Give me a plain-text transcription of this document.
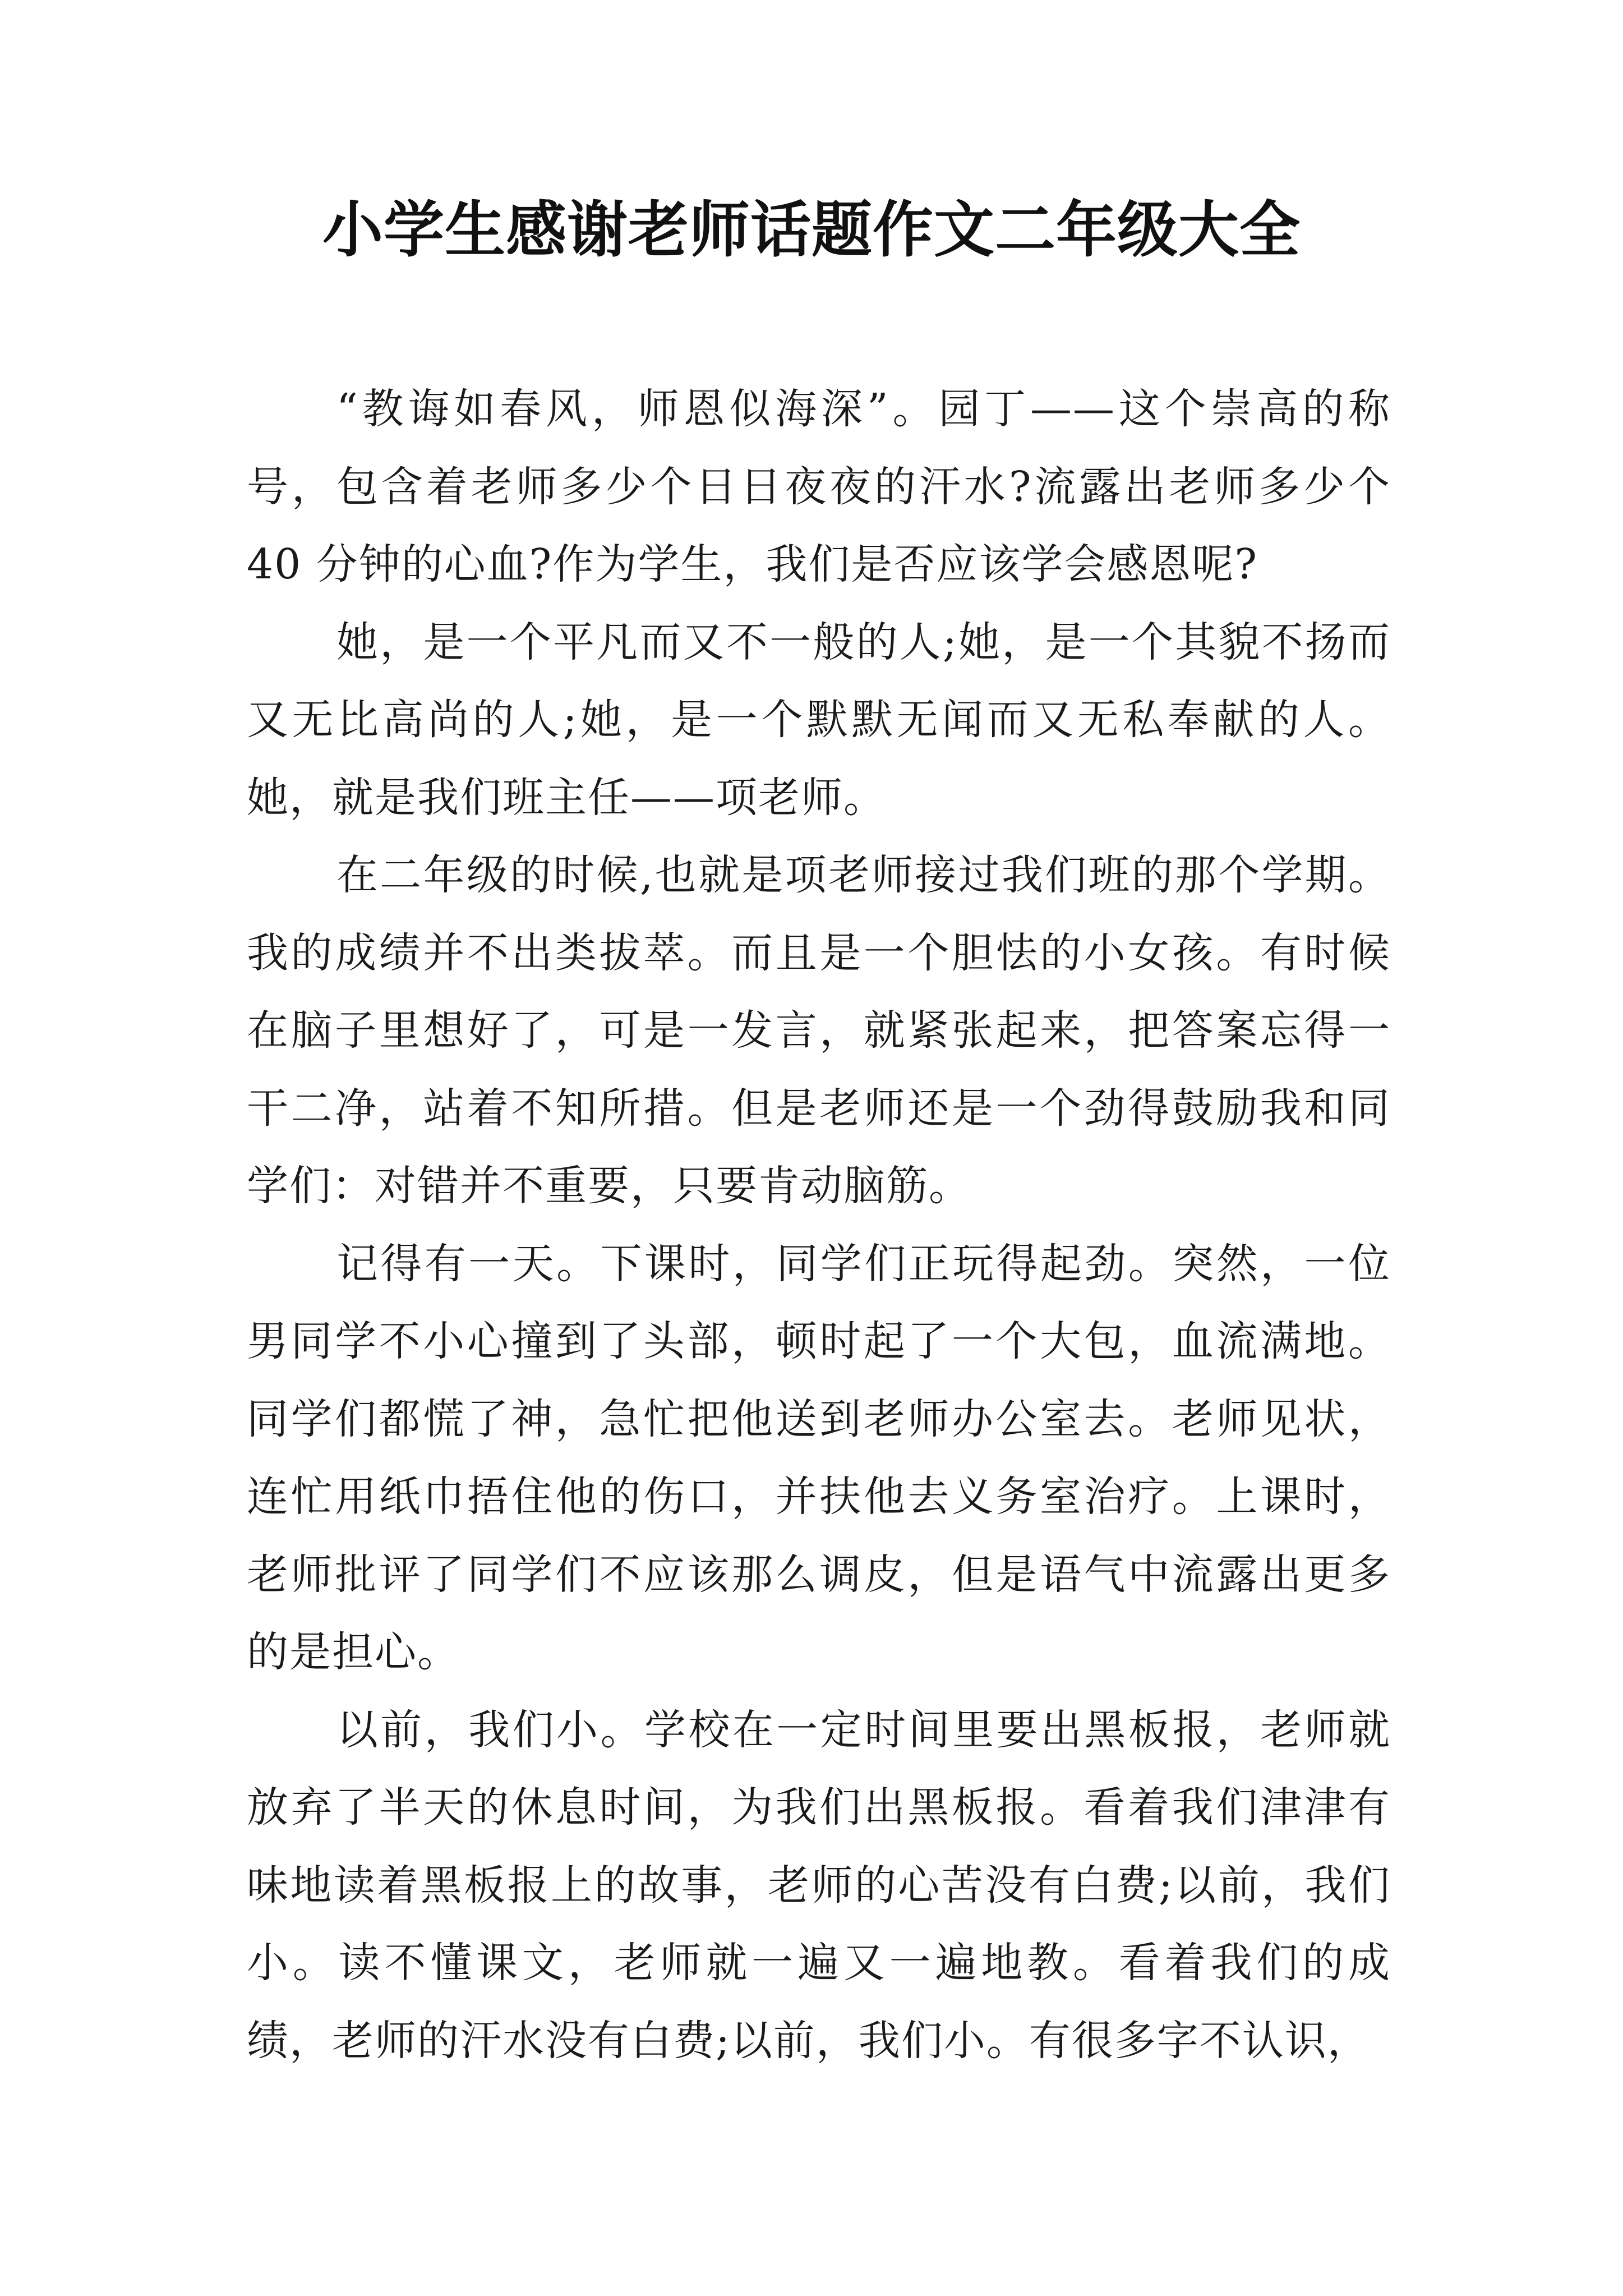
小学生感谢老师话题作文二年级大全

“教诲如春风，师恩似海深”。园丁——这个崇高的称号，包含着老师多少个日日夜夜的汗水?流露出老师多少个 40 分钟的心血?作为学生，我们是否应该学会感恩呢?

她，是一个平凡而又不一般的人;她，是一个其貌不扬而又无比高尚的人;她，是一个默默无闻而又无私奉献的人。她，就是我们班主任——项老师。

在二年级的时候,也就是项老师接过我们班的那个学期。我的成绩并不出类拔萃。而且是一个胆怯的小女孩。有时候在脑子里想好了，可是一发言，就紧张起来，把答案忘得一干二净，站着不知所措。但是老师还是一个劲得鼓励我和同学们：对错并不重要，只要肯动脑筋。

记得有一天。下课时，同学们正玩得起劲。突然，一位男同学不小心撞到了头部，顿时起了一个大包，血流满地。同学们都慌了神，急忙把他送到老师办公室去。老师见状，连忙用纸巾捂住他的伤口，并扶他去义务室治疗。上课时，老师批评了同学们不应该那么调皮，但是语气中流露出更多的是担心。

以前，我们小。学校在一定时间里要出黑板报，老师就放弃了半天的休息时间，为我们出黑板报。看着我们津津有味地读着黑板报上的故事，老师的心苦没有白费;以前，我们小。读不懂课文，老师就一遍又一遍地教。看着我们的成绩，老师的汗水没有白费;以前，我们小。有很多字不认识，
